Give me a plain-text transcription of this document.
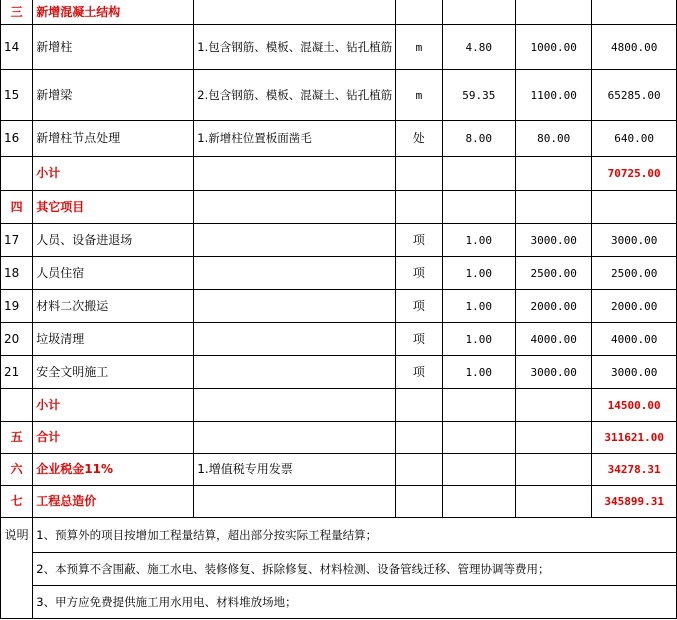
三	新增混凝土结构					
14	新增柱	1.包含钢筋、模板、混凝土、钻孔植筋	m	4.80	1000.00	4800.00
15	新增梁	2.包含钢筋、模板、混凝土、钻孔植筋	m	59.35	1100.00	65285.00
16	新增柱节点处理	1.新增柱位置板面凿毛	处	8.00	80.00	640.00
	小计					70725.00
四	其它项目					
17	人员、设备进退场		项	1.00	3000.00	3000.00
18	人员住宿		项	1.00	2500.00	2500.00
19	材料二次搬运		项	1.00	2000.00	2000.00
20	垃圾清理		项	1.00	4000.00	4000.00
21	安全文明施工		项	1.00	3000.00	3000.00
	小计					14500.00
五	合计					311621.00
六	企业税金11%	1.增值税专用发票				34278.31
七	工程总造价					345899.31
说明	1、预算外的项目按增加工程量结算，超出部分按实际工程量结算；					
	2、本预算不含围蔽、施工水电、装修修复、拆除修复、材料检测、设备管线迁移、管理协调等费用；					
	3、甲方应免费提供施工用水用电、材料堆放场地；					
